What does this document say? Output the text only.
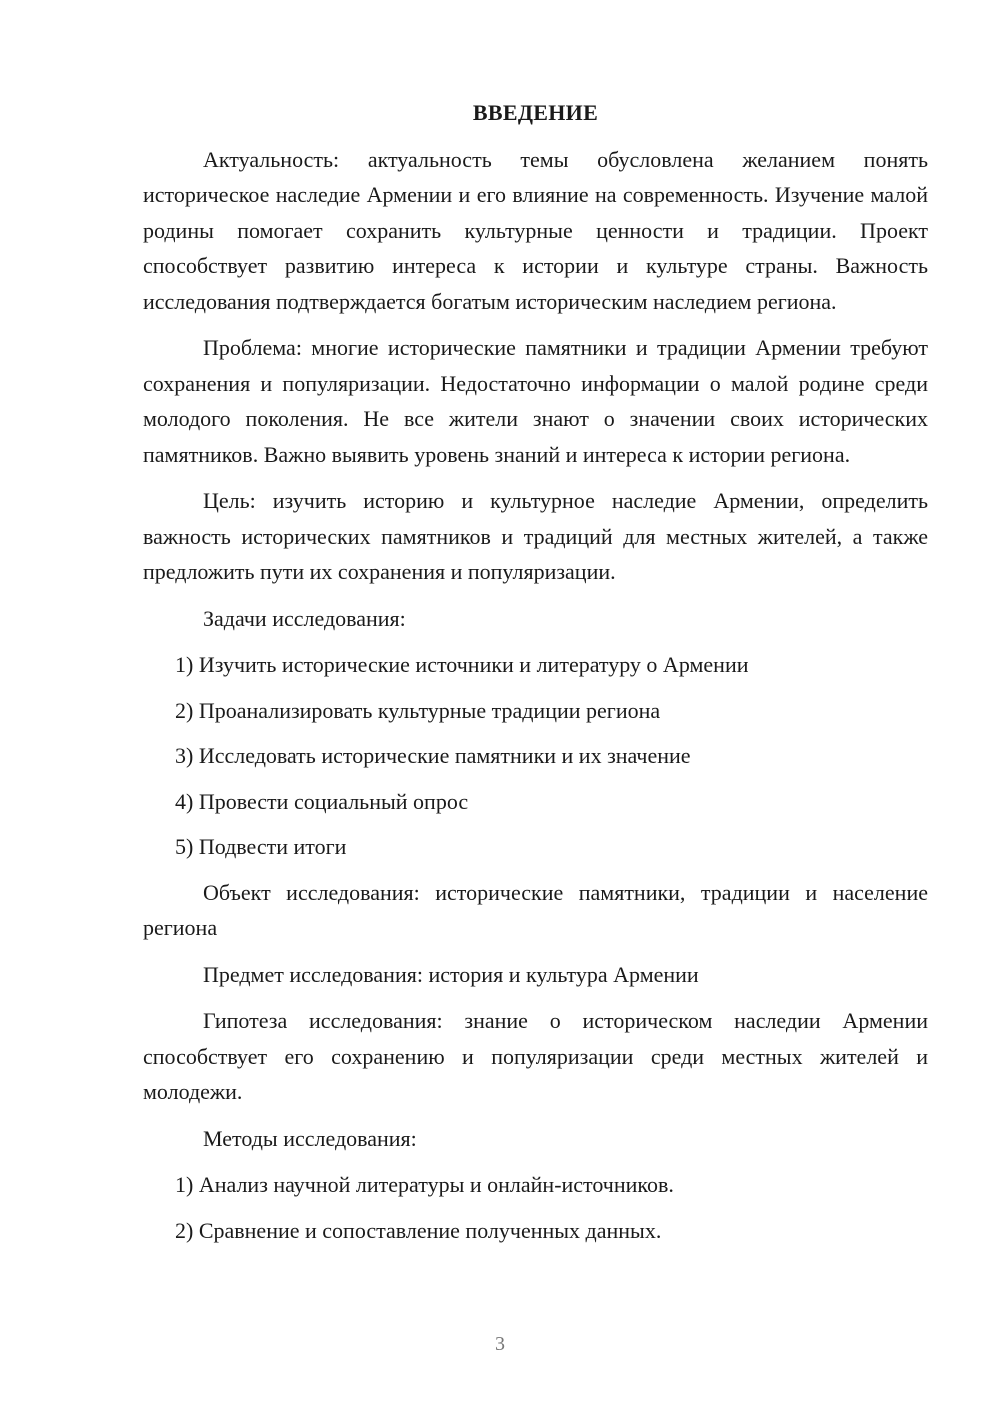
ВВЕДЕНИЕ

Актуальность: актуальность темы обусловлена желанием понять историческое наследие Армении и его влияние на современность. Изучение малой родины помогает сохранить культурные ценности и традиции. Проект способствует развитию интереса к истории и культуре страны. Важность исследования подтверждается богатым историческим наследием региона.

Проблема: многие исторические памятники и традиции Армении требуют сохранения и популяризации. Недостаточно информации о малой родине среди молодого поколения. Не все жители знают о значении своих исторических памятников. Важно выявить уровень знаний и интереса к истории региона.

Цель: изучить историю и культурное наследие Армении, определить важность исторических памятников и традиций для местных жителей, а также предложить пути их сохранения и популяризации.

Задачи исследования:

1) Изучить исторические источники и литературу о Армении
2) Проанализировать культурные традиции региона
3) Исследовать исторические памятники и их значение
4) Провести социальный опрос
5) Подвести итоги

Объект исследования: исторические памятники, традиции и население региона

Предмет исследования: история и культура Армении

Гипотеза исследования: знание о историческом наследии Армении способствует его сохранению и популяризации среди местных жителей и молодежи.

Методы исследования:

1) Анализ научной литературы и онлайн-источников.
2) Сравнение и сопоставление полученных данных.
3
